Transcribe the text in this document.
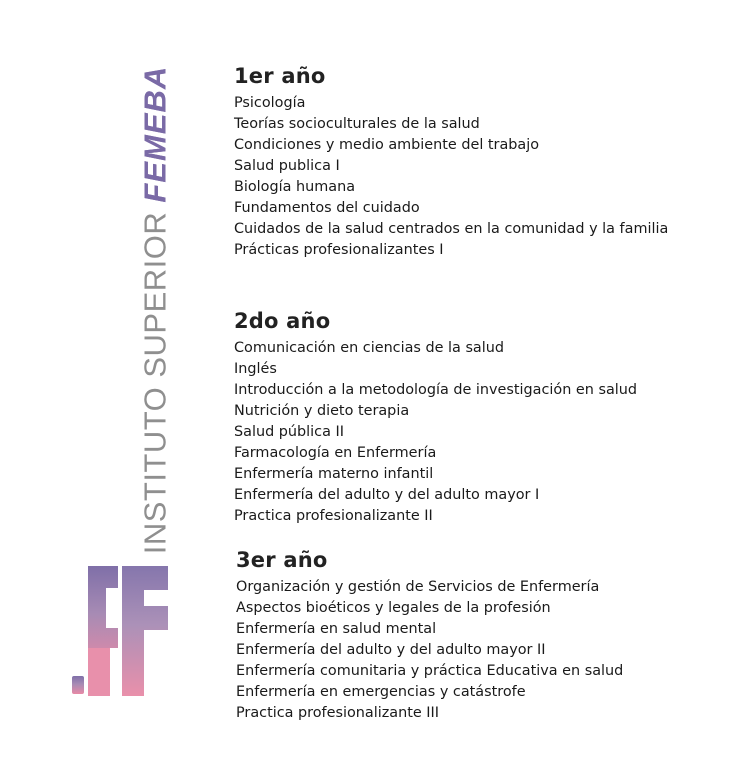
INSTITUTO SUPERIOR FEMEBA	1er año
Psicología
Teorías socioculturales de la salud
Condiciones y medio ambiente del trabajo
Salud publica I
Biología humana
Fundamentos del cuidado
Cuidados de la salud centrados en la comunidad y la familia
Prácticas profesionalizantes I
2do año
Comunicación en ciencias de la salud
Inglés
Introducción a la metodología de investigación en salud
Nutrición y dieto terapia
Salud pública II
Farmacología en Enfermería
Enfermería materno infantil
Enfermería del adulto y del adulto mayor I
Practica profesionalizante II
3er año
Organización y gestión de Servicios de Enfermería
Aspectos bioéticos y legales de la profesión
Enfermería en salud mental
Enfermería del adulto y del adulto mayor II
Enfermería comunitaria y práctica Educativa en salud
Enfermería en emergencias y catástrofe
Practica profesionalizante III
